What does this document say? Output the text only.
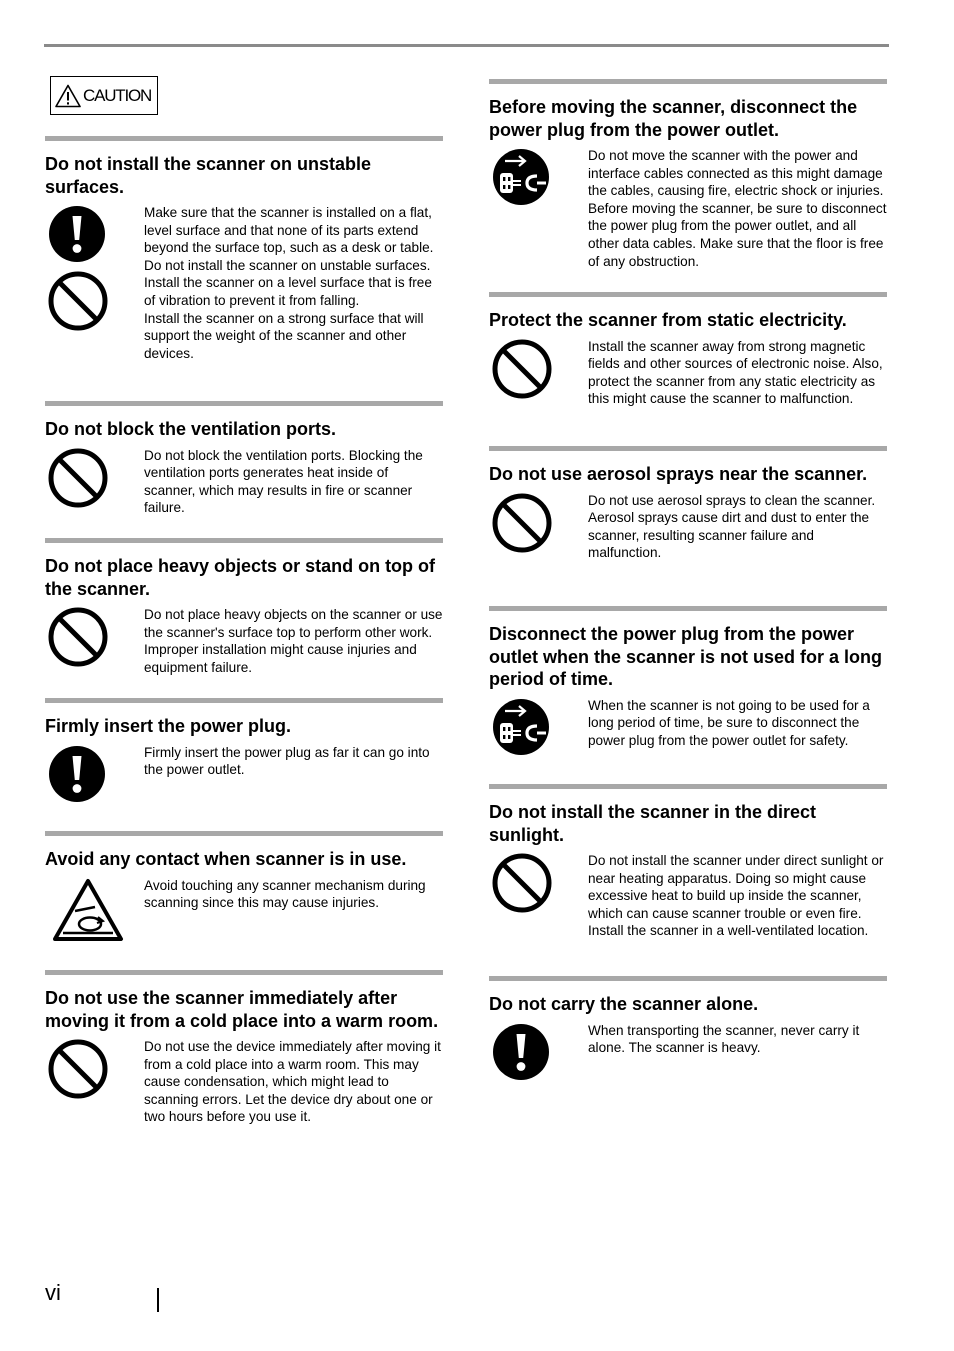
CAUTION
Do not install the scanner on unstable surfaces.
Make sure that the scanner is installed on a flat, level surface and that none of its parts extend beyond the surface top, such as a desk or table. Do not install the scanner on unstable surfaces. Install the scanner on a level surface that is free of vibration to prevent it from falling.
Install the scanner on a strong surface that will support the weight of the scanner and other devices.
Do not block the ventilation ports.
Do not block the ventilation ports. Blocking the ventilation ports generates heat inside of scanner, which may results in fire or scanner failure.
Do not place heavy objects or stand on top of the scanner.
Do not place heavy objects on the scanner or use the scanner's surface top to perform other work. Improper installation might cause injuries and equipment failure.
Firmly insert the power plug.
Firmly insert the power plug as far it can go into the power outlet.
Avoid any contact when scanner is in use.
Avoid touching any scanner mechanism during scanning since this may cause injuries.
Do not use the scanner immediately after moving it from a cold place into a warm room.
Do not use the device immediately after moving it from a cold place into a warm room. This may cause condensation, which might lead to scanning errors. Let the device dry about one or two hours before you use it.
Before moving the scanner, disconnect the power plug from the power outlet.
Do not move the scanner with the power and interface cables connected as this might damage the cables, causing fire, electric shock or injuries. Before moving the scanner, be sure to disconnect the power plug from the power outlet, and all other data cables. Make sure that the floor is free of any obstruction.
Protect the scanner from static electricity.
Install the scanner away from strong magnetic fields and other sources of electronic noise. Also, protect the scanner from any static electricity as this might cause the scanner to malfunction.
Do not use aerosol sprays near the scanner.
Do not use aerosol sprays to clean the scanner. Aerosol sprays cause dirt and dust to enter the scanner, resulting scanner failure and malfunction.
Disconnect the power plug from the power outlet when the scanner is not used for a long period of time.
When the scanner is not going to be used for a long period of time, be sure to disconnect the power plug from the power outlet for safety.
Do not install the scanner in the direct sunlight.
Do not install the scanner under direct sunlight or near heating apparatus. Doing so might cause excessive heat to build up inside the scanner, which can cause scanner trouble or even fire. Install the scanner in a well-ventilated location.
Do not carry the scanner alone.
When transporting the scanner, never carry it alone. The scanner is heavy.
vi
